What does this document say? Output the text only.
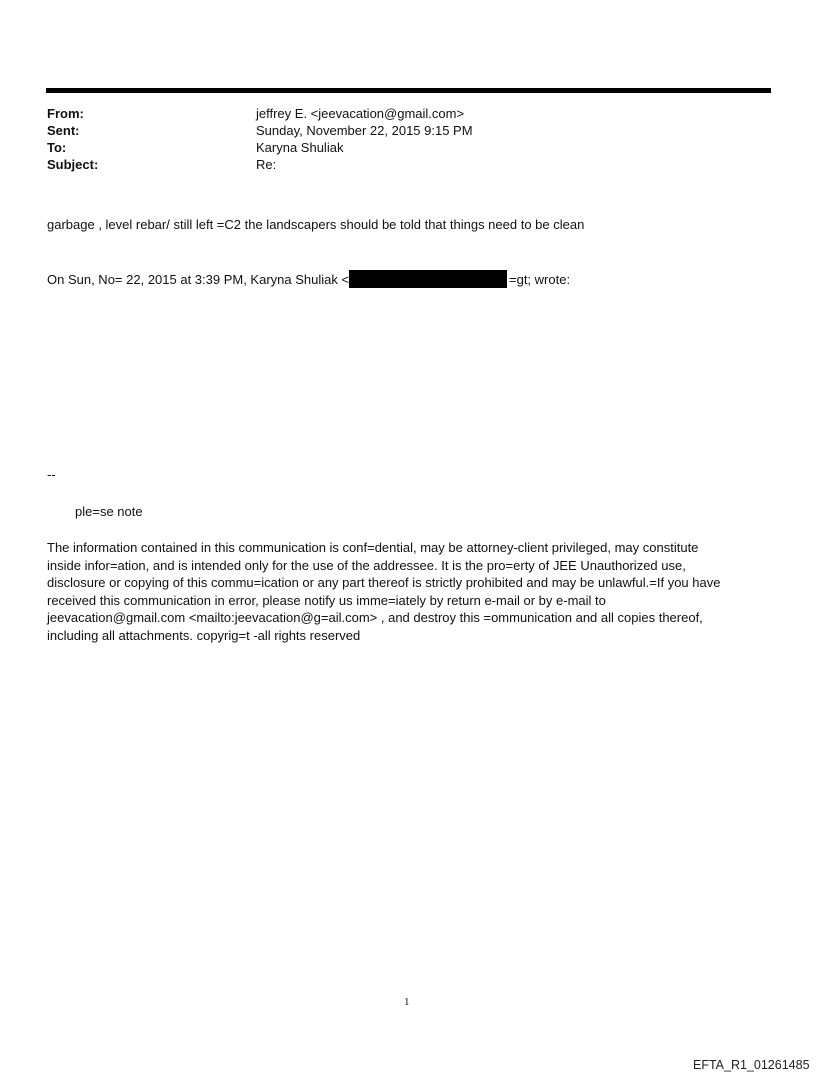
From:	jeffrey E. <jeevacation@gmail.com>
Sent:	Sunday, November 22, 2015 9:15 PM
To:	Karyna Shuliak
Subject:	Re:
garbage , level rebar/ still left =C2 the landscapers should be told that things need to be clean
On Sun, No= 22, 2015 at 3:39 PM, Karyna Shuliak <	=gt; wrote:
--
ple=se note
The information contained in this communication is conf=dential, may be attorney-client privileged, may constitute
inside infor=ation, and is intended only for the use of the addressee. It is the pro=erty of JEE Unauthorized use,
disclosure or copying of this commu=ication or any part thereof is strictly prohibited and may be unlawful.=If you have
received this communication in error, please notify us imme=iately by return e-mail or by e-mail to
jeevacation@gmail.com <mailto:jeevacation@g=ail.com> , and destroy this =ommunication and all copies thereof,
including all attachments. copyrig=t -all rights reserved
1
EFTA_R1_01261485
